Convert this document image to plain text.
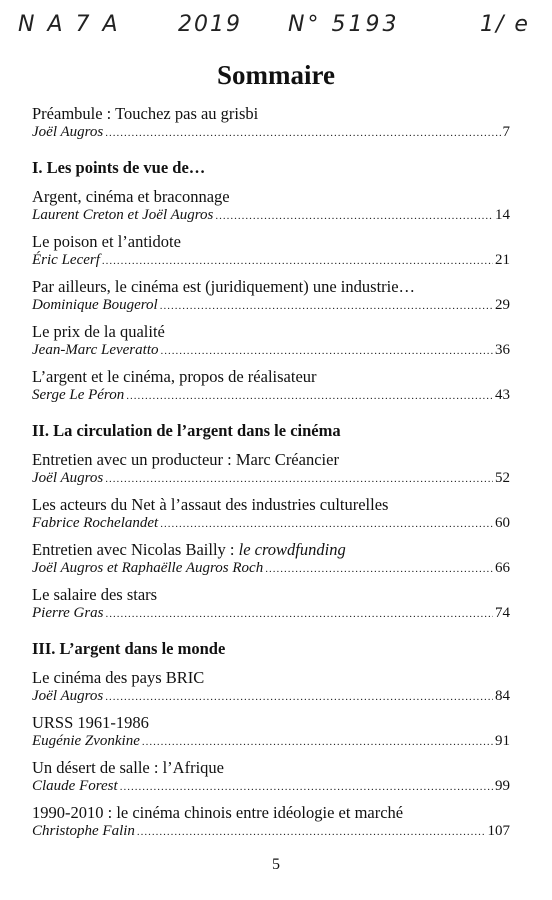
N A 7 A	2019 N° 5193	1/ e
Sommaire
Préambule : Touchez pas au grisbi
Joël Augros .....	7
I. Les points de vue de…
Argent, cinéma et braconnage
Laurent Creton et Joël Augros .....	14
Le poison et l’antidote
Éric Lecerf .....	21
Par ailleurs, le cinéma est (juridiquement) une industrie…
Dominique Bougerol .....	29
Le prix de la qualité
Jean-Marc Leveratto .....	36
L’argent et le cinéma, propos de réalisateur
Serge Le Péron .....	43
II. La circulation de l’argent dans le cinéma
Entretien avec un producteur : Marc Créancier
Joël Augros .....	52
Les acteurs du Net à l’assaut des industries culturelles
Fabrice Rochelandet .....	60
Entretien avec Nicolas Bailly : le crowdfunding
Joël Augros et Raphaëlle Augros Roch .....	66
Le salaire des stars
Pierre Gras .....	74
III. L’argent dans le monde
Le cinéma des pays BRIC
Joël Augros .....	84
URSS 1961-1986
Eugénie Zvonkine .....	91
Un désert de salle : l’Afrique
Claude Forest .....	99
1990-2010 : le cinéma chinois entre idéologie et marché
Christophe Falin .....	107
5
